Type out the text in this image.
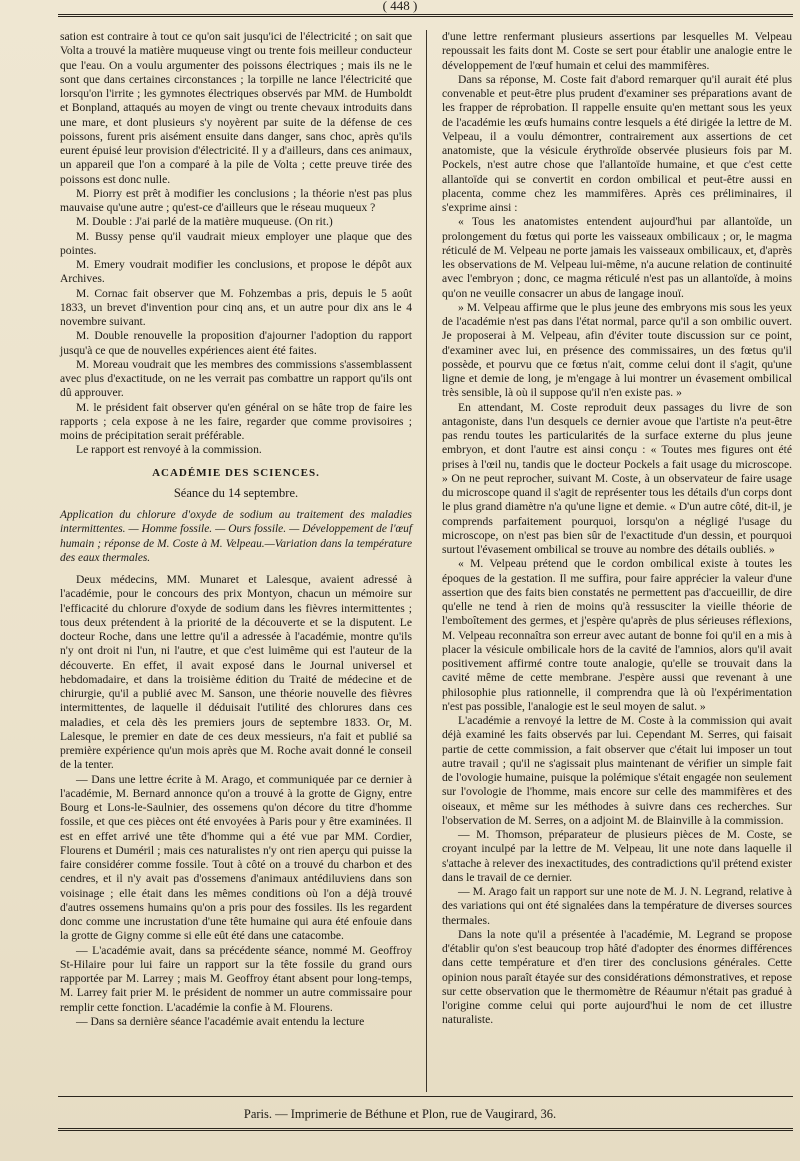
( 448 )

sation est contraire à tout ce qu'on sait jusqu'ici de l'électricité ; on sait que Volta a trouvé la matière muqueuse vingt ou trente fois meilleur conducteur que l'eau. On a voulu argumenter des poissons électriques ; mais ils ne le sont que dans certaines circonstances ; la torpille ne lance l'électricité que lorsqu'on l'irrite ; les gymnotes électriques observés par MM. de Humboldt et Bonpland, attaqués au moyen de vingt ou trente chevaux introduits dans une mare, et dont plusieurs s'y noyèrent par suite de la défense de ces poissons, furent pris aisément ensuite dans danger, sans choc, après qu'ils eurent épuisé leur provision d'électricité. Il y a d'ailleurs, dans ces animaux, un appareil que l'on a comparé à la pile de Volta ; cette preuve tirée des poissons est donc nulle.

M. Piorry est prêt à modifier les conclusions ; la théorie n'est pas plus mauvaise qu'une autre ; qu'est-ce d'ailleurs que le réseau muqueux ?

M. Double : J'ai parlé de la matière muqueuse. (On rit.)

M. Bussy pense qu'il vaudrait mieux employer une plaque que des pointes.

M. Emery voudrait modifier les conclusions, et propose le dépôt aux Archives.

M. Cornac fait observer que M. Fohzembas a pris, depuis le 5 août 1833, un brevet d'invention pour cinq ans, et un autre pour dix ans le 4 novembre suivant.

M. Double renouvelle la proposition d'ajourner l'adoption du rapport jusqu'à ce que de nouvelles expériences aient été faites.

M. Moreau voudrait que les membres des commissions s'assemblassent avec plus d'exactitude, on ne les verrait pas combattre un rapport qu'ils ont dû approuver.

M. le président fait observer qu'en général on se hâte trop de faire les rapports ; cela expose à ne les faire, regarder que comme provisoires ; moins de précipitation serait préférable.

Le rapport est renvoyé à la commission.

ACADÉMIE DES SCIENCES.
Séance du 14 septembre.

Application du chlorure d'oxyde de sodium au traitement des maladies intermittentes. — Homme fossile. — Ours fossile. — Développement de l'œuf humain ; réponse de M. Coste à M. Velpeau.—Variation dans la température des eaux thermales.

Deux médecins, MM. Munaret et Lalesque, avaient adressé à l'académie, pour le concours des prix Montyon, chacun un mémoire sur l'efficacité du chlorure d'oxyde de sodium dans les fièvres intermittentes ; tous deux prétendent à la priorité de la découverte et se la disputent. Le docteur Roche, dans une lettre qu'il a adressée à l'académie, montre qu'ils n'y ont droit ni l'un, ni l'autre, et que c'est luimême qui est l'auteur de la découverte. En effet, il avait exposé dans le Journal universel et hebdomadaire, et dans la troisième édition du Traité de médecine et de chirurgie, qu'il a publié avec M. Sanson, une théorie nouvelle des fièvres intermittentes, de laquelle il déduisait l'utilité des chlorures dans ces maladies, et cela dès les premiers jours de septembre 1833. Or, M. Lalesque, le premier en date de ces deux messieurs, n'a fait et publié sa première expérience qu'un mois après que M. Roche avait donné le conseil de la tenter.

— Dans une lettre écrite à M. Arago, et communiquée par ce dernier à l'académie, M. Bernard annonce qu'on a trouvé à la grotte de Gigny, entre Bourg et Lons-le-Saulnier, des ossemens qu'on décore du titre d'homme fossile, et que ces pièces ont été envoyées à Paris pour y être examinées. Il est en effet arrivé une tête d'homme qui a été vue par MM. Cordier, Flourens et Duméril ; mais ces naturalistes n'y ont rien aperçu qui puisse la faire considérer comme fossile. Tout à côté on a trouvé du charbon et des cendres, et il n'y avait pas d'ossemens d'animaux antédiluviens dans son voisinage ; elle était dans les mêmes conditions où l'on a déjà trouvé d'autres ossemens humains qu'on a pris pour des fossiles. Ils les regardent donc comme une incrustation d'une tête humaine qui aura été enfouie dans la grotte de Gigny comme si elle eût été dans une catacombe.

— L'académie avait, dans sa précédente séance, nommé M. Geoffroy St-Hilaire pour lui faire un rapport sur la tête fossile du grand ours rapportée par M. Larrey ; mais M. Geoffroy étant absent pour long-temps, M. Larrey fait prier M. le président de nommer un autre commissaire pour remplir cette fonction. L'académie la confie à M. Flourens.

— Dans sa dernière séance l'académie avait entendu la lecture

d'une lettre renfermant plusieurs assertions par lesquelles M. Velpeau repoussait les faits dont M. Coste se sert pour établir une analogie entre le développement de l'œuf humain et celui des mammifères.

Dans sa réponse, M. Coste fait d'abord remarquer qu'il aurait été plus convenable et peut-être plus prudent d'examiner ses préparations avant de les frapper de réprobation. Il rappelle ensuite qu'en mettant sous les yeux de l'académie les œufs humains contre lesquels a été dirigée la lettre de M. Velpeau, il a voulu démontrer, contrairement aux assertions de cet anatomiste, que la vésicule érythroïde observée plusieurs fois par M. Pockels, n'est autre chose que l'allantoïde humaine, et que c'est cette allantoïde qui se convertit en cordon ombilical et peut-être aussi en placenta, comme chez les mammifères. Après ces préliminaires, il s'exprime ainsi :

« Tous les anatomistes entendent aujourd'hui par allantoïde, un prolongement du fœtus qui porte les vaisseaux ombilicaux ; or, le magma réticulé de M. Velpeau ne porte jamais les vaisseaux ombilicaux, et, d'après les observations de M. Velpeau lui-même, n'a aucune relation de continuité avec l'embryon ; donc, ce magma réticulé n'est pas un allantoïde, à moins qu'on ne veuille consacrer un abus de langage inouï.

» M. Velpeau affirme que le plus jeune des embryons mis sous les yeux de l'académie n'est pas dans l'état normal, parce qu'il a son ombilic ouvert. Je proposerai à M. Velpeau, afin d'éviter toute discussion sur ce point, d'examiner avec lui, en présence des commissaires, un des fœtus qu'il possède, et pourvu que ce fœtus n'ait, comme celui dont il s'agit, qu'une ligne et demie de long, je m'engage à lui montrer un évasement ombilical très sensible, là où il suppose qu'il n'en existe pas. »

En attendant, M. Coste reproduit deux passages du livre de son antagoniste, dans l'un desquels ce dernier avoue que l'artiste n'a peut-être pas rendu toutes les particularités de la surface externe du plus jeune embryon, et dont l'autre est ainsi conçu : « Toutes mes figures ont été prises à l'œil nu, tandis que le docteur Pockels a fait usage du microscope. » On ne peut reprocher, suivant M. Coste, à un observateur de faire usage du microscope quand il s'agit de représenter tous les détails d'un corps dont le plus grand diamètre n'a qu'une ligne et demie. « D'un autre côté, dit-il, je comprends parfaitement pourquoi, lorsqu'on a négligé l'usage du microscope, on n'est pas bien sûr de l'exactitude d'un dessin, et pourquoi surtout l'évasement ombilical se trouve au nombre des détails oubliés. »

« M. Velpeau prétend que le cordon ombilical existe à toutes les époques de la gestation. Il me suffira, pour faire apprécier la valeur d'une assertion que des faits bien constatés ne permettent pas d'accueillir, de dire qu'elle ne tend à rien de moins qu'à ressusciter la vieille théorie de l'emboîtement des germes, et j'espère qu'après de plus sérieuses réflexions, M. Velpeau reconnaîtra son erreur avec autant de bonne foi qu'il en a mis à placer la vésicule ombilicale hors de la cavité de l'amnios, alors qu'il avait positivement affirmé contre toute analogie, qu'elle se trouvait dans la cavité même de cette membrane. J'espère aussi que revenant à une philosophie plus rationnelle, il comprendra que là où l'expérimentation n'est pas possible, l'analogie est le seul moyen de salut. »

L'académie a renvoyé la lettre de M. Coste à la commission qui avait déjà examiné les faits observés par lui. Cependant M. Serres, qui faisait partie de cette commission, a fait observer que c'était lui imposer un tout autre travail ; qu'il ne s'agissait plus maintenant de vérifier un simple fait de l'ovologie humaine, puisque la polémique s'était engagée non seulement sur l'ovologie de l'homme, mais encore sur celle des mammifères et des oiseaux, et même sur les méthodes à suivre dans ces recherches. Sur l'observation de M. Serres, on a adjoint M. de Blainville à la commission.

— M. Thomson, préparateur de plusieurs pièces de M. Coste, se croyant inculpé par la lettre de M. Velpeau, lit une note dans laquelle il s'attache à relever des inexactitudes, des contradictions qu'il prétend exister dans le travail de ce dernier.

— M. Arago fait un rapport sur une note de M. J. N. Legrand, relative à des variations qui ont été signalées dans la température de diverses sources thermales.

Dans la note qu'il a présentée à l'académie, M. Legrand se propose d'établir qu'on s'est beaucoup trop hâté d'adopter des énormes différences dans cette température et d'en tirer des conclusions générales. Cette opinion nous paraît étayée sur des considérations démonstratives, et repose sur cette observation que le thermomètre de Réaumur n'était pas gradué à l'origine comme celui qui porte aujourd'hui le nom de cet illustre naturaliste.

Paris. — Imprimerie de Béthune et Plon, rue de Vaugirard, 36.
